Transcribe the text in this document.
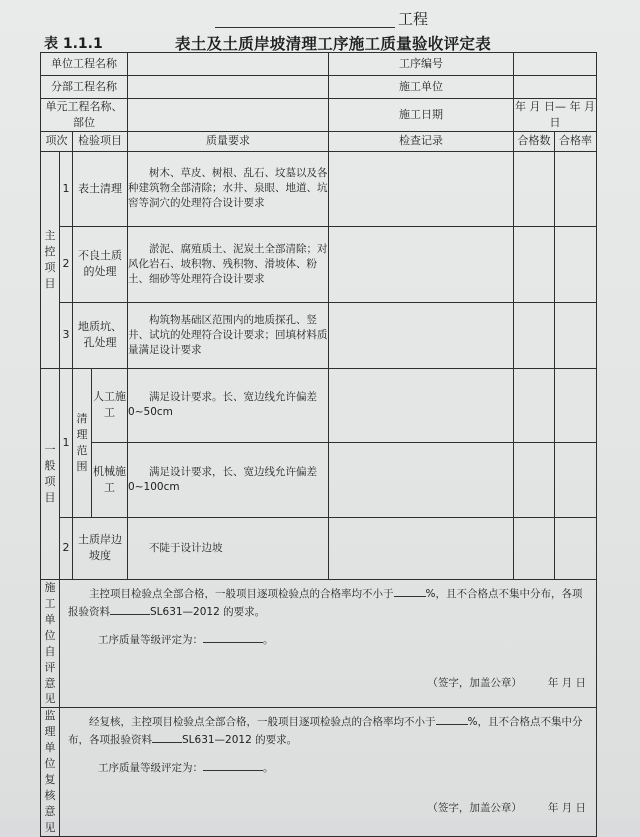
工程
表 1.1.1	表土及土质岸坡清理工序施工质量验收评定表
单位工程名称					工序编号		
分部工程名称					施工单位		
单元工程名称、部位					施工日期	年 月 日— 年 月 日	
项次		检验项目		质量要求	检查记录	合格数	合格率
主控项目	1	表土清理		树木、草皮、树根、乱石、坟墓以及各种建筑物全部清除；水井、泉眼、地道、坑窖等洞穴的处理符合设计要求			
	2	不良土质的处理		淤泥、腐殖质土、泥炭土全部清除；对风化岩石、坡积物、残积物、滑坡体、粉土、细砂等处理符合设计要求			
	3	地质坑、孔处理		构筑物基础区范围内的地质探孔、竖井、试坑的处理符合设计要求；回填材料质量满足设计要求			
一般项目	1	清理范围	人工施工	满足设计要求。长、宽边线允许偏差 0~50cm			
			机械施工	满足设计要求，长、宽边线允许偏差 0~100cm			
	2	土质岸边坡度		不陡于设计边坡			
施工单位自评意见	主控项目检验点全部合格，一般项目逐项检验点的合格率均不小于 %，且不合格点不集中分布，各项报验资料 SL631—2012 的要求。
工序质量等级评定为： 。
（签字，加盖公章） 年 月 日						

监理单位复核意见	经复核，主控项目检验点全部合格，一般项目逐项检验点的合格率均不小于 %，且不合格点不集中分布，各项报验资料 SL631—2012 的要求。
工序质量等级评定为： 。
（签字，加盖公章） 年 月 日						
